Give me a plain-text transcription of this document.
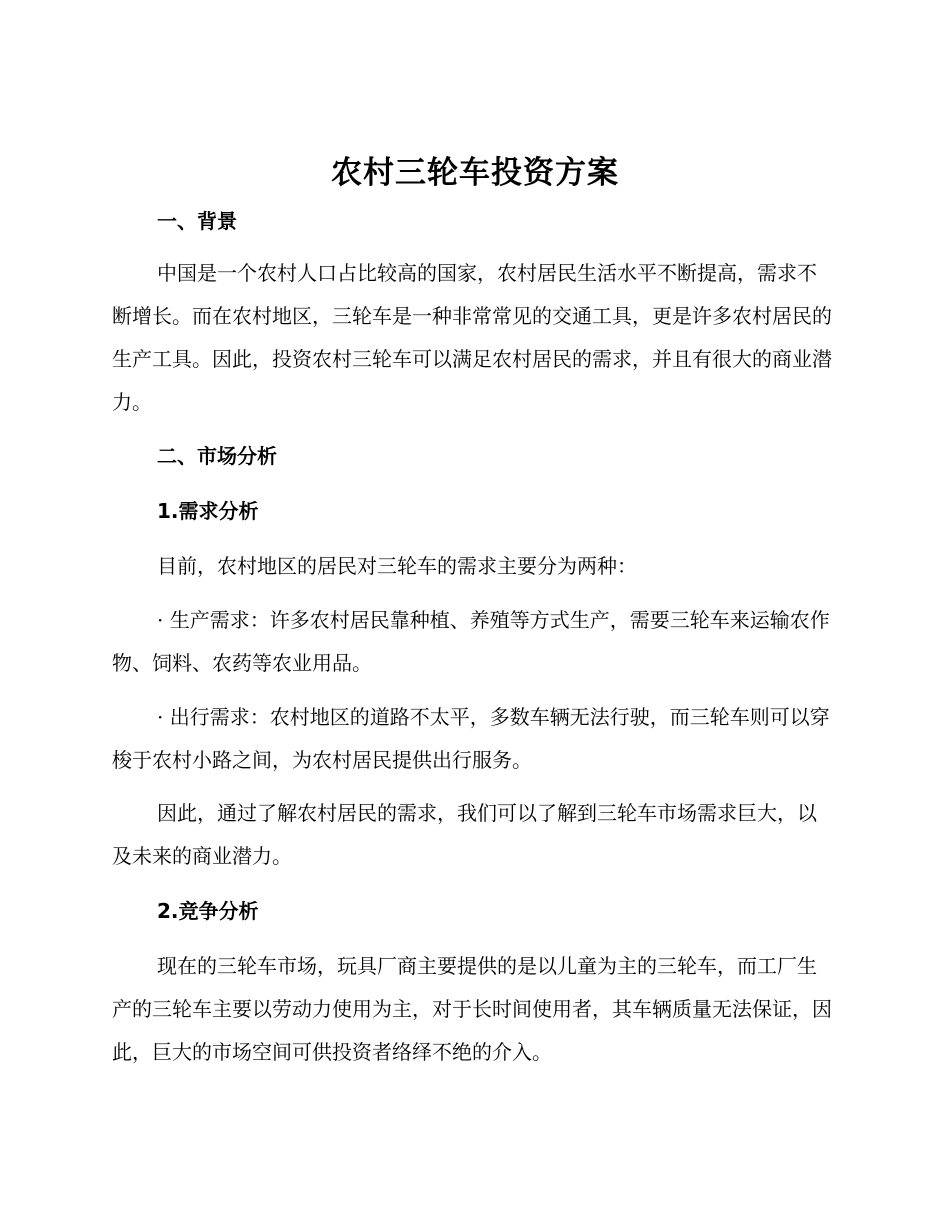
农村三轮车投资方案
一、背景

中国是一个农村人口占比较高的国家，农村居民生活水平不断提高，需求不断增长。而在农村地区，三轮车是一种非常常见的交通工具，更是许多农村居民的生产工具。因此，投资农村三轮车可以满足农村居民的需求，并且有很大的商业潜力。

二、市场分析
1.需求分析

目前，农村地区的居民对三轮车的需求主要分为两种：

· 生产需求：许多农村居民靠种植、养殖等方式生产，需要三轮车来运输农作物、饲料、农药等农业用品。

· 出行需求：农村地区的道路不太平，多数车辆无法行驶，而三轮车则可以穿梭于农村小路之间，为农村居民提供出行服务。

因此，通过了解农村居民的需求，我们可以了解到三轮车市场需求巨大，以及未来的商业潜力。

2.竞争分析

现在的三轮车市场，玩具厂商主要提供的是以儿童为主的三轮车，而工厂生产的三轮车主要以劳动力使用为主，对于长时间使用者，其车辆质量无法保证，因此，巨大的市场空间可供投资者络绎不绝的介入。
